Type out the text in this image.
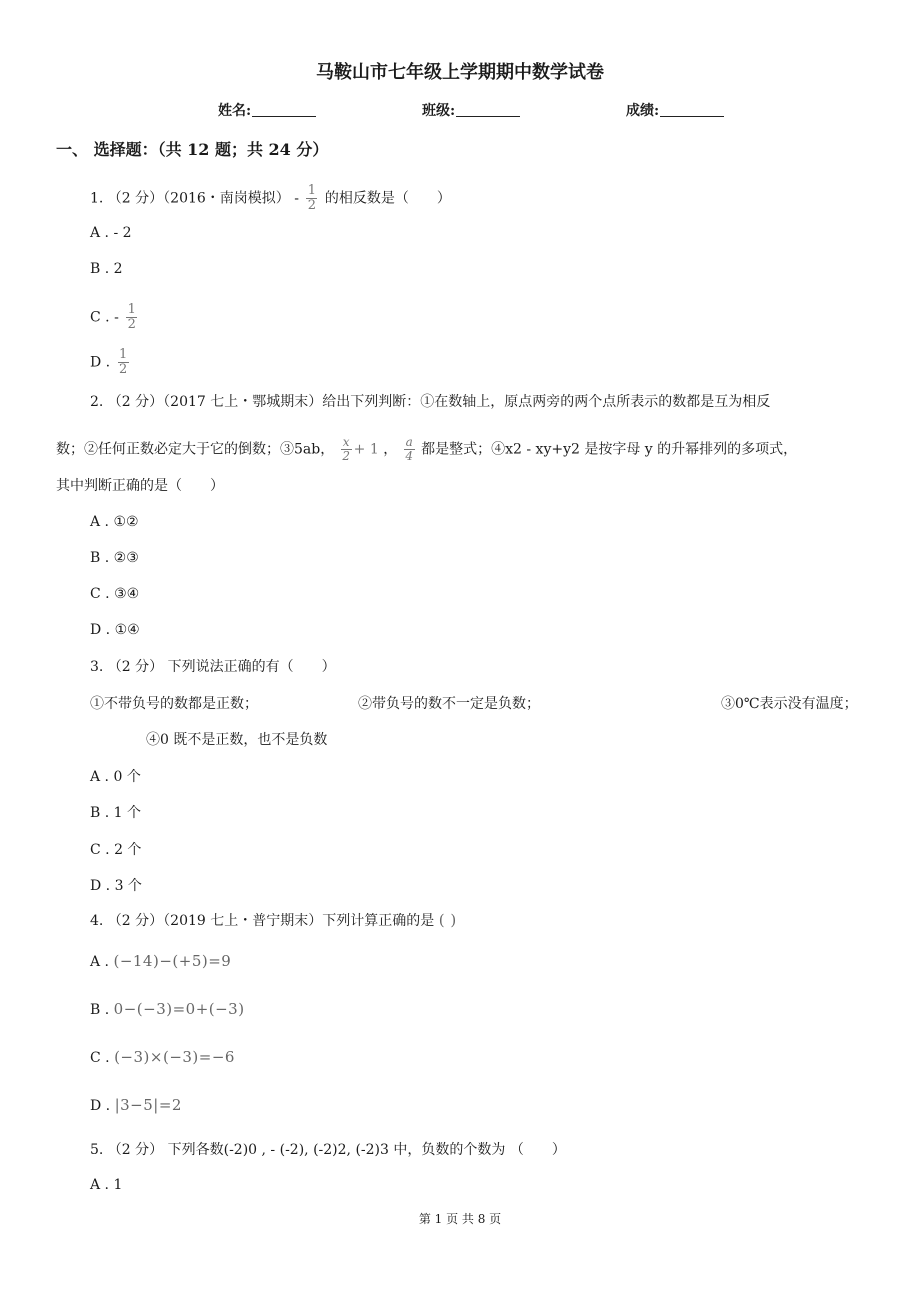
马鞍山市七年级上学期期中数学试卷
姓名:	班级:	成绩:
一、 选择题：（共 12 题；共 24 分）
1. （2 分）（2016・南岗模拟） - $\frac{1}{2}$ 的相反数是（　　）
A . - 2
B . 2
C . - $\frac{1}{2}$
D . $\frac{1}{2}$
2. （2 分）（2017 七上・鄂城期末）给出下列判断：①在数轴上，原点两旁的两个点所表示的数都是互为相反
数；②任何正数必定大于它的倒数；③5ab， $\frac{x}{2} + 1$ ， $\frac{a}{4}$ 都是整式；④x2 - xy+y2 是按字母 y 的升幂排列的多项式，
其中判断正确的是（　　）
A . ①②
B . ②③
C . ③④
D . ①④
3. （2 分） 下列说法正确的有（　　）
①不带负号的数都是正数；	②带负号的数不一定是负数；	③0℃表示没有温度；
④0 既不是正数，也不是负数
A . 0 个
B . 1 个
C . 2 个
D . 3 个
4. （2 分）（2019 七上・普宁期末）下列计算正确的是 ( )
A . (−14)−(+5)=9
B . 0−(−3)=0+(−3)
C . (−3)×(−3)=−6
D . |3−5|=2
5. （2 分） 下列各数(-2)0 , - (-2), (-2)2, (-2)3 中，负数的个数为 （　　）
A . 1
第 1 页 共 8 页
